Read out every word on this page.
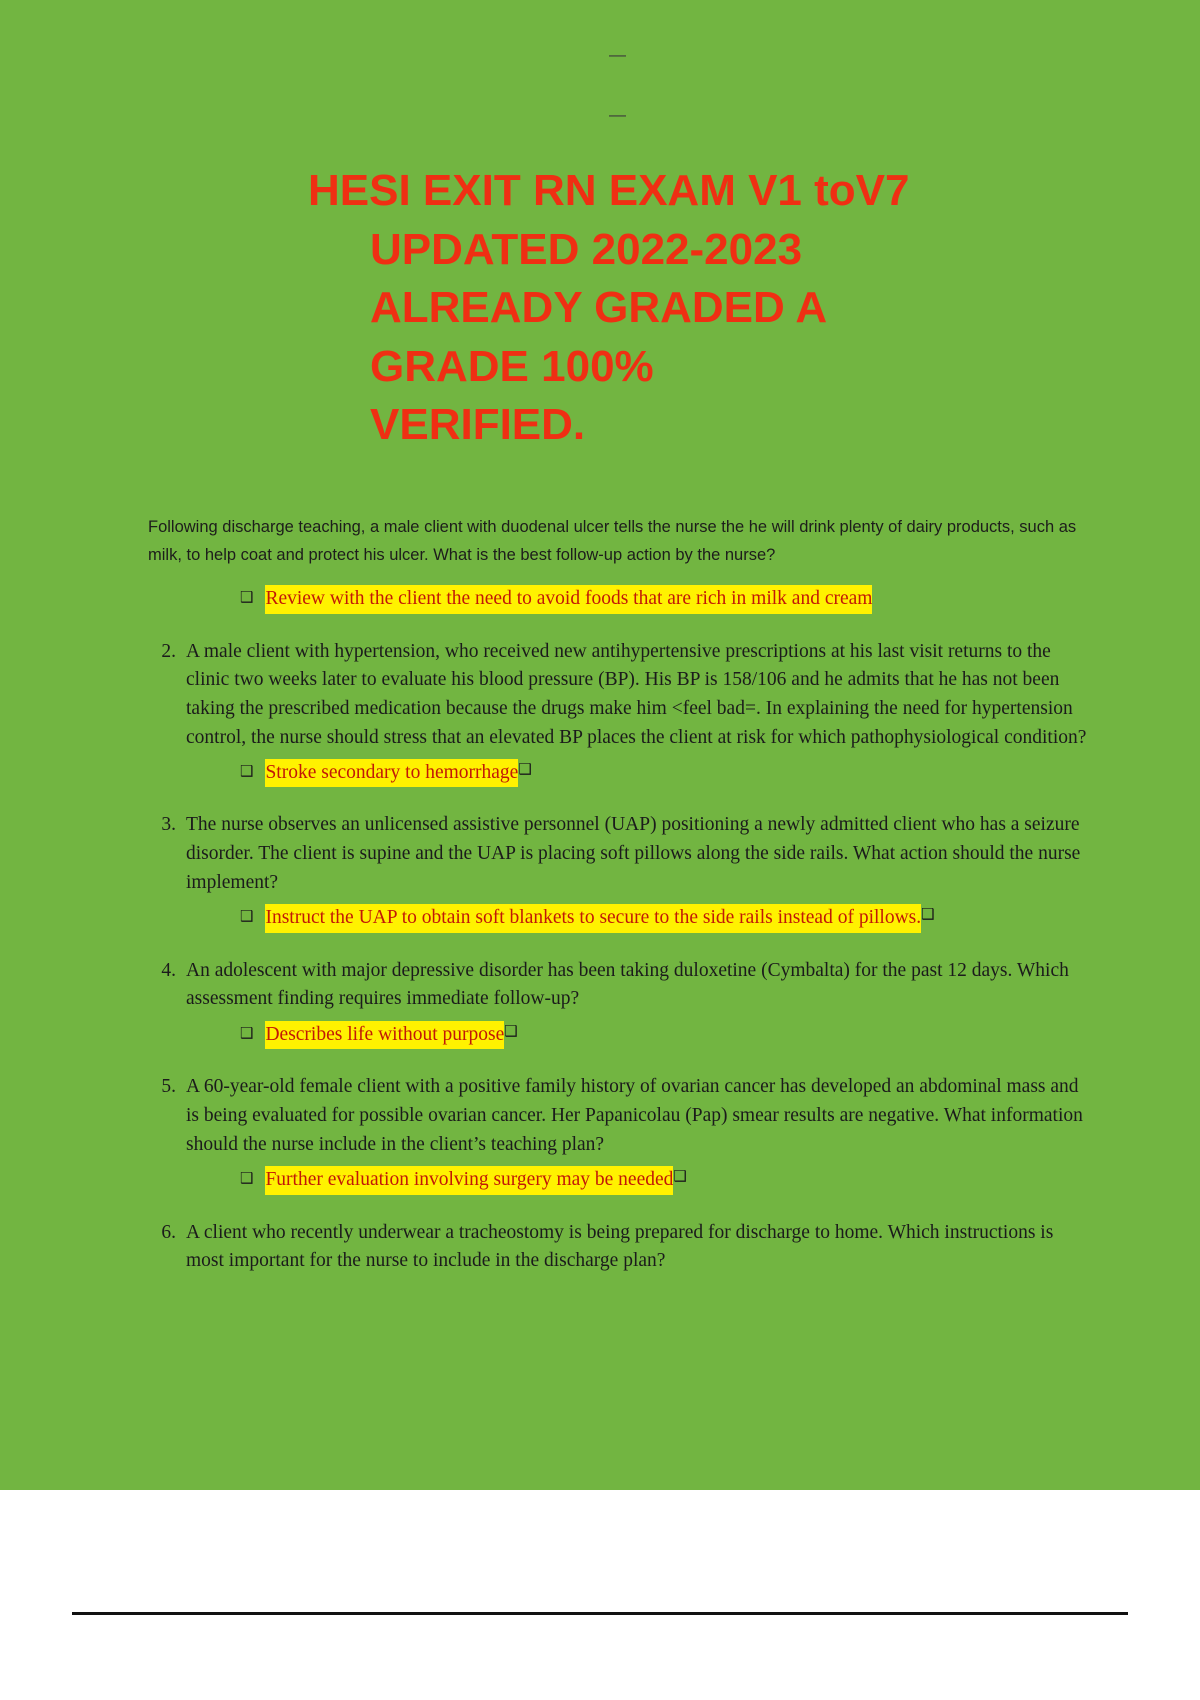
—
—
HESI EXIT RN EXAM V1 toV7
UPDATED 2022-2023
ALREADY GRADED A
GRADE 100%
VERIFIED.
Following discharge teaching, a male client with duodenal ulcer tells the nurse the he will drink plenty of dairy products, such as milk, to help coat and protect his ulcer. What is the best follow-up action by the nurse?
❑ Review with the client the need to avoid foods that are rich in milk and cream
2. A male client with hypertension, who received new antihypertensive prescriptions at his last visit returns to the clinic two weeks later to evaluate his blood pressure (BP). His BP is 158/106 and he admits that he has not been taking the prescribed medication because the drugs make him <feel bad=. In explaining the need for hypertension control, the nurse should stress that an elevated BP places the client at risk for which pathophysiological condition?
❑ Stroke secondary to hemorrhage ❑
3. The nurse observes an unlicensed assistive personnel (UAP) positioning a newly admitted client who has a seizure disorder. The client is supine and the UAP is placing soft pillows along the side rails. What action should the nurse implement?
❑ Instruct the UAP to obtain soft blankets to secure to the side rails instead of pillows. ❑
4. An adolescent with major depressive disorder has been taking duloxetine (Cymbalta) for the past 12 days. Which assessment finding requires immediate follow-up?
❑ Describes life without purpose ❑
5. A 60-year-old female client with a positive family history of ovarian cancer has developed an abdominal mass and is being evaluated for possible ovarian cancer. Her Papanicolau (Pap) smear results are negative. What information should the nurse include in the client’s teaching plan?
❑ Further evaluation involving surgery may be needed ❑
6. A client who recently underwear a tracheostomy is being prepared for discharge to home. Which instructions is most important for the nurse to include in the discharge plan?
